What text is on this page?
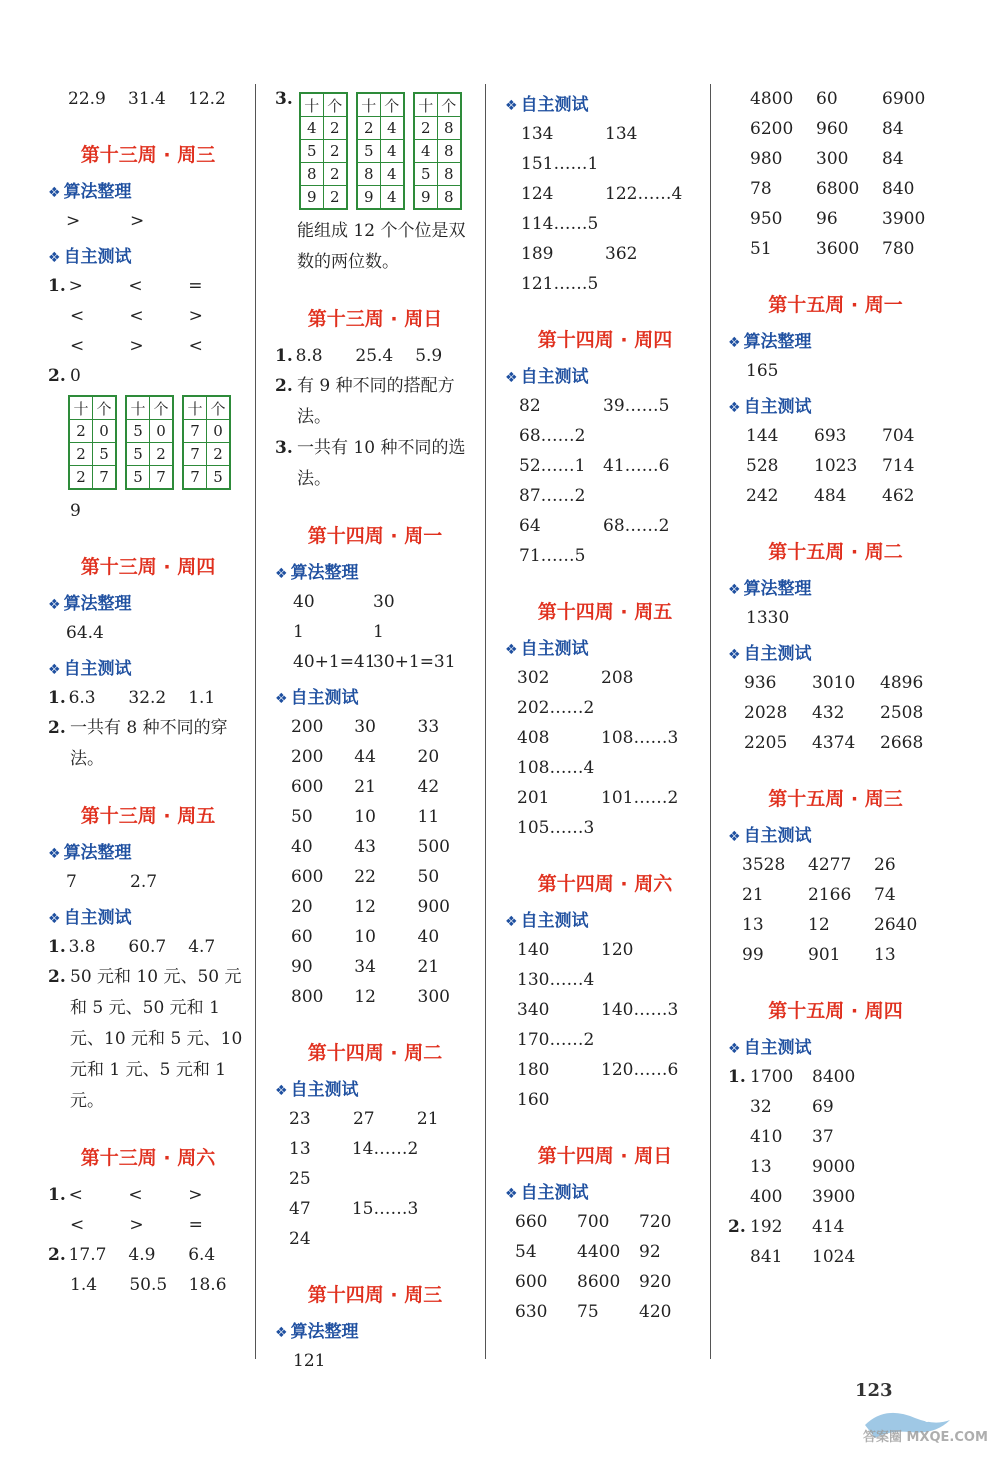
22.9	31.4	12.2
第十三周 · 周三
❖ 算法整理
>	>
❖ 自主测试
1. >	<	=
<	<	>
<	>	<
2. 0
十	个
2	0
2	5
2	7
十	个
5	0
5	2
5	7
十	个
7	0
7	2
7	5
9
第十三周 · 周四
❖ 算法整理
64.4
❖ 自主测试
1. 6.3	32.2	1.1
2. 一共有 8 种不同的穿法。
第十三周 · 周五
❖ 算法整理
7	2.7
❖ 自主测试
1. 3.8	60.7	4.7
2. 50 元和 10 元、50 元和 5 元、50 元和 1 元、10 元和 5 元、10 元和 1 元、5 元和 1 元。
第十三周 · 周六
1. <	<	>
<	>	=
2. 17.7	4.9	6.4
1.4	50.5	18.6
3. 十	个
4	2
5	2
8	2
9	2
十	个
2	4
5	4
8	4
9	4
十	个
2	8
4	8
5	8
9	8
能组成 12 个个位是双数的两位数。
第十三周 · 周日
1. 8.8	25.4	5.9
2. 有 9 种不同的搭配方法。
3. 一共有 10 种不同的选法。
第十四周 · 周一
❖ 算法整理
40	30
1	1
40+1=41
30+1=31
❖ 自主测试
200	30	33
200	44	20
600	21	42
50	10	11
40	43	500
600	22	50
20	12	900
60	10	40
90	34	21
800	12	300
第十四周 · 周二
❖ 自主测试
23	27	21
13	14……2
25
47	15……3
24
第十四周 · 周三
❖ 算法整理
121
❖ 自主测试
134	134
151……1
124	122……4
114……5
189	362
121……5
第十四周 · 周四
❖ 自主测试
82	39……5
68……2
52……1	41……6
87……2
64	68……2
71……5
第十四周 · 周五
❖ 自主测试
302	208
202……2
408	108……3
108……4
201	101……2
105……3
第十四周 · 周六
❖ 自主测试
140	120
130……4
340	140……3
170……2
180	120……6
160
第十四周 · 周日
❖ 自主测试
660	700	720
54	4400	92
600	8600	920
630	75	420
4800	60	6900
6200	960	84
980	300	84
78	6800	840
950	96	3900
51	3600	780
第十五周 · 周一
❖ 算法整理
165
❖ 自主测试
144	693	704
528	1023	714
242	484	462
第十五周 · 周二
❖ 算法整理
1330
❖ 自主测试
936	3010	4896
2028	432	2508
2205	4374	2668
第十五周 · 周三
❖ 自主测试
3528	4277	26
21	2166	74
13	12	2640
99	901	13
第十五周 · 周四
❖ 自主测试
1. 1700	8400
32	69
410	37
13	9000
400	3900
2. 192	414
841	1024
123
答案圈 MXQE.COM
